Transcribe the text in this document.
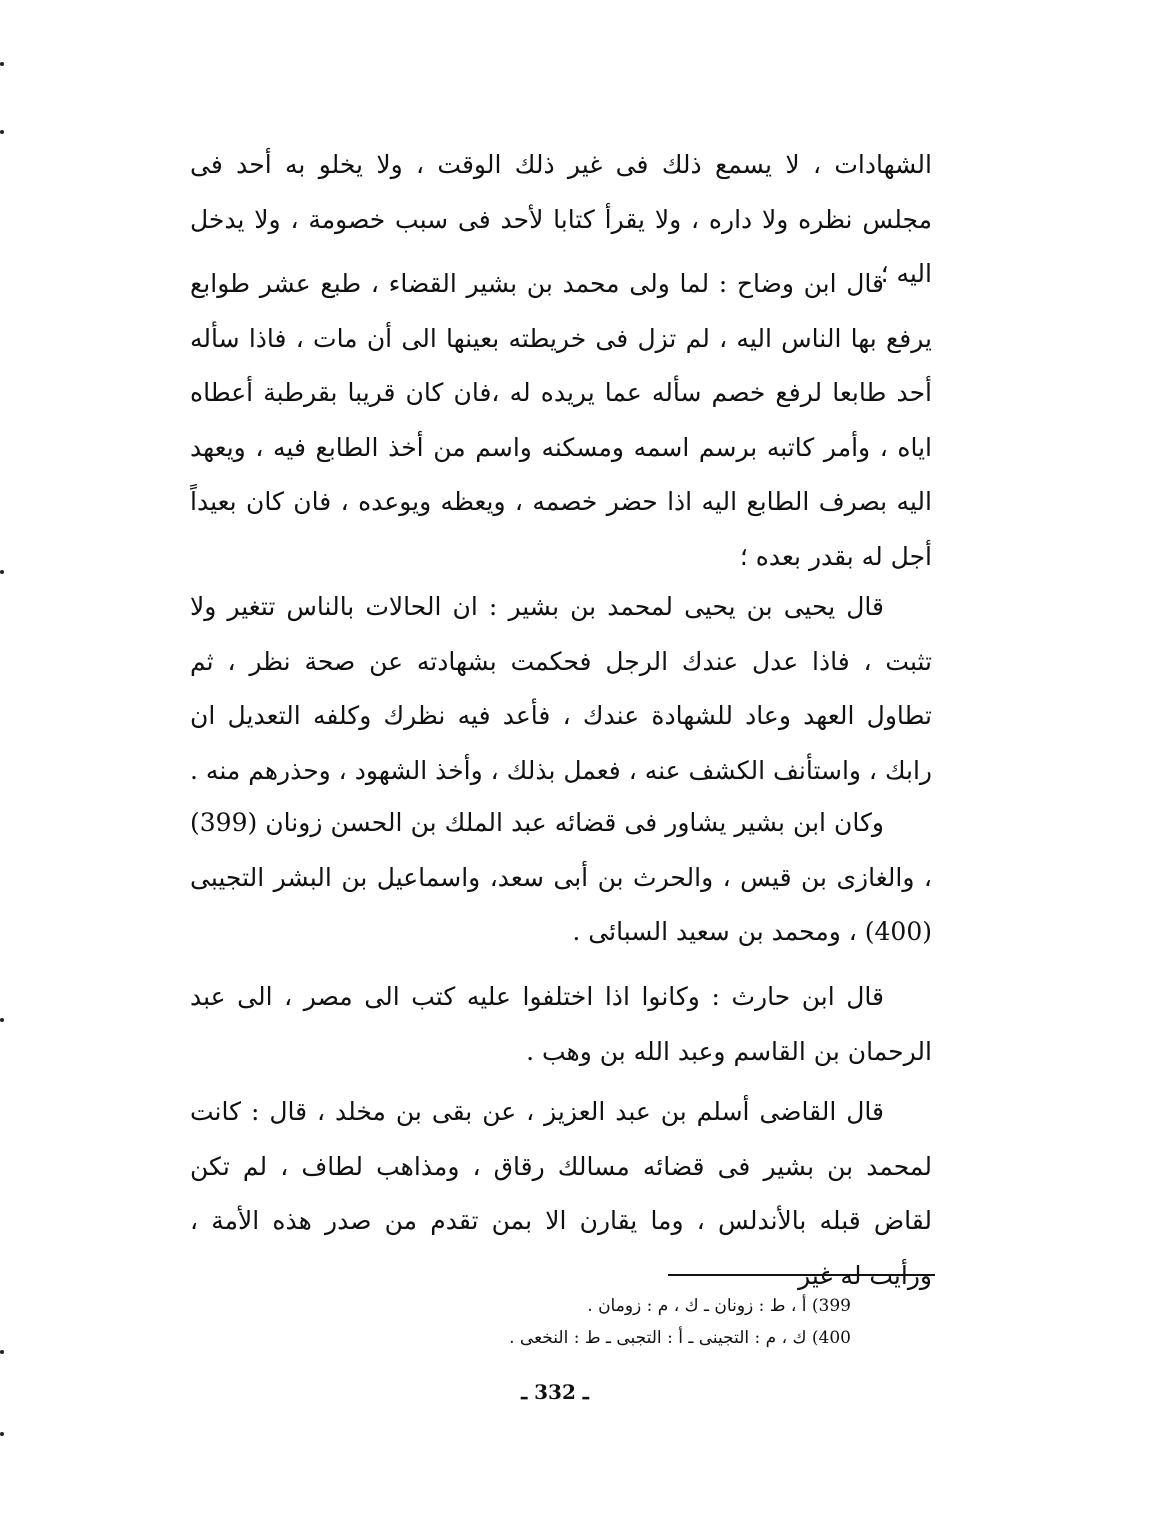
الشهادات ، لا يسمع ذلك فى غير ذلك الوقت ، ولا يخلو به أحد فى مجلس نظره ولا داره ، ولا يقرأ كتابا لأحد فى سبب خصومة ، ولا يدخل اليه ؛

قال ابن وضاح : لما ولى محمد بن بشير القضاء ، طبع عشر طوابع يرفع بها الناس اليه ، لم تزل فى خريطته بعينها الى أن مات ، فاذا سأله أحد طابعا لرفع خصم سأله عما يريده له ،فان كان قريبا بقرطبة أعطاه اياه ، وأمر كاتبه برسم اسمه ومسكنه واسم من أخذ الطابع فيه ، ويعهد اليه بصرف الطابع اليه اذا حضر خصمه ، ويعظه ويوعده ، فان كان بعيداً أجل له بقدر بعده ؛

قال يحيى بن يحيى لمحمد بن بشير : ان الحالات بالناس تتغير ولا تثبت ، فاذا عدل عندك الرجل فحكمت بشهادته عن صحة نظر ، ثم تطاول العهد وعاد للشهادة عندك ، فأعد فيه نظرك وكلفه التعديل ان رابك ، واستأنف الكشف عنه ، فعمل بذلك ، وأخذ الشهود ، وحذرهم منه .

وكان ابن بشير يشاور فى قضائه عبد الملك بن الحسن زونان (399) ، والغازى بن قيس ، والحرث بن أبى سعد، واسماعيل بن البشر التجيبى (400) ، ومحمد بن سعيد السبائى .

قال ابن حارث : وكانوا اذا اختلفوا عليه كتب الى مصر ، الى عبد الرحمان بن القاسم وعبد الله بن وهب .

قال القاضى أسلم بن عبد العزيز ، عن بقى بن مخلد ، قال : كانت لمحمد بن بشير فى قضائه مسالك رقاق ، ومذاهب لطاف ، لم تكن لقاض قبله بالأندلس ، وما يقارن الا بمن تقدم من صدر هذه الأمة ، ورأيت له غير

399) أ ، ط : زونان ـ ك ، م : زومان .
400) ك ، م : التجينى ـ أ : التجبى ـ ط : النخعى .
ـ 332 ـ
